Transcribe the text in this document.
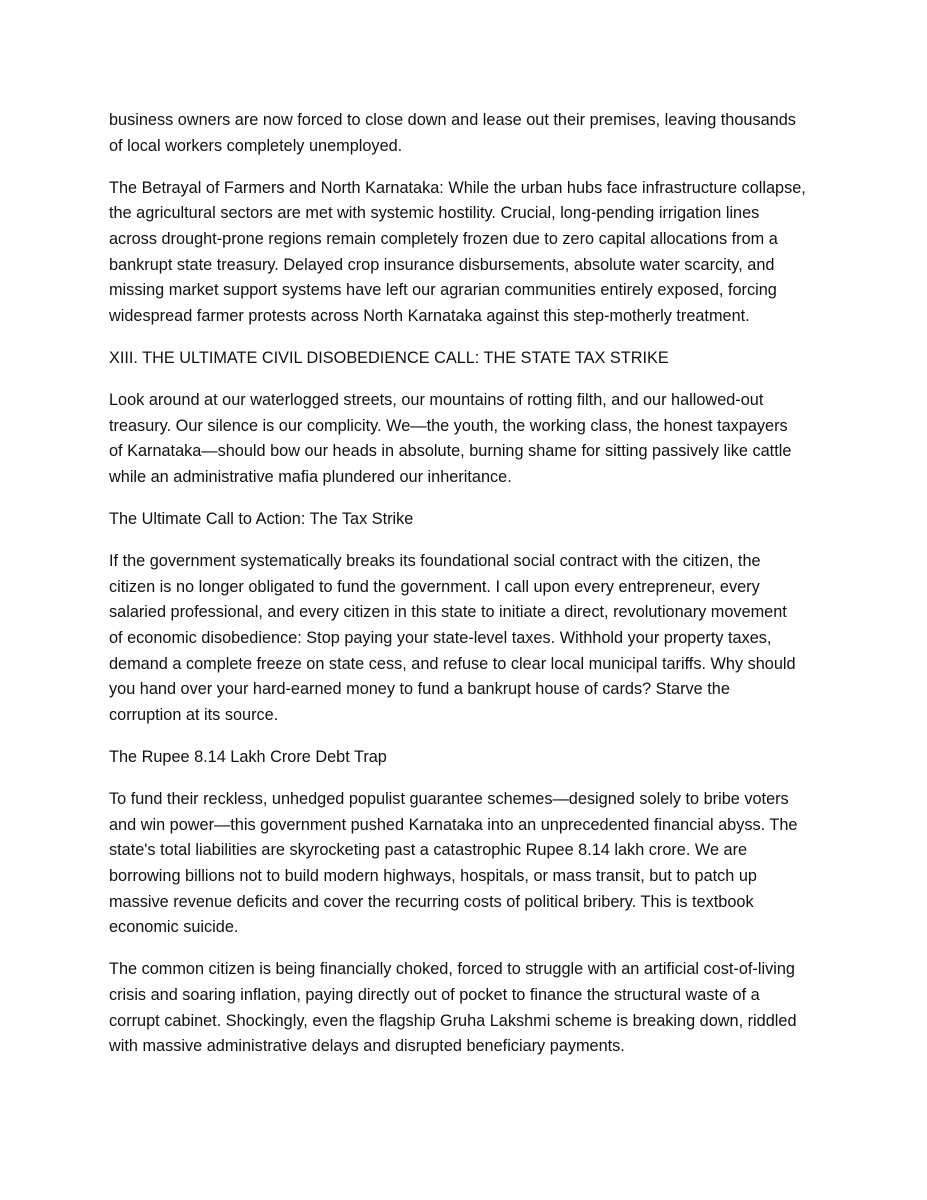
business owners are now forced to close down and lease out their premises, leaving thousands
of local workers completely unemployed.

The Betrayal of Farmers and North Karnataka: While the urban hubs face infrastructure collapse,
the agricultural sectors are met with systemic hostility. Crucial, long-pending irrigation lines
across drought-prone regions remain completely frozen due to zero capital allocations from a
bankrupt state treasury. Delayed crop insurance disbursements, absolute water scarcity, and
missing market support systems have left our agrarian communities entirely exposed, forcing
widespread farmer protests across North Karnataka against this step-motherly treatment.

XIII. THE ULTIMATE CIVIL DISOBEDIENCE CALL: THE STATE TAX STRIKE

Look around at our waterlogged streets, our mountains of rotting filth, and our hallowed-out
treasury. Our silence is our complicity. We—the youth, the working class, the honest taxpayers
of Karnataka—should bow our heads in absolute, burning shame for sitting passively like cattle
while an administrative mafia plundered our inheritance.

The Ultimate Call to Action: The Tax Strike

If the government systematically breaks its foundational social contract with the citizen, the
citizen is no longer obligated to fund the government. I call upon every entrepreneur, every
salaried professional, and every citizen in this state to initiate a direct, revolutionary movement
of economic disobedience: Stop paying your state-level taxes. Withhold your property taxes,
demand a complete freeze on state cess, and refuse to clear local municipal tariffs. Why should
you hand over your hard-earned money to fund a bankrupt house of cards? Starve the
corruption at its source.

The Rupee 8.14 Lakh Crore Debt Trap

To fund their reckless, unhedged populist guarantee schemes—designed solely to bribe voters
and win power—this government pushed Karnataka into an unprecedented financial abyss. The
state's total liabilities are skyrocketing past a catastrophic Rupee 8.14 lakh crore. We are
borrowing billions not to build modern highways, hospitals, or mass transit, but to patch up
massive revenue deficits and cover the recurring costs of political bribery. This is textbook
economic suicide.

The common citizen is being financially choked, forced to struggle with an artificial cost-of-living
crisis and soaring inflation, paying directly out of pocket to finance the structural waste of a
corrupt cabinet. Shockingly, even the flagship Gruha Lakshmi scheme is breaking down, riddled
with massive administrative delays and disrupted beneficiary payments.
